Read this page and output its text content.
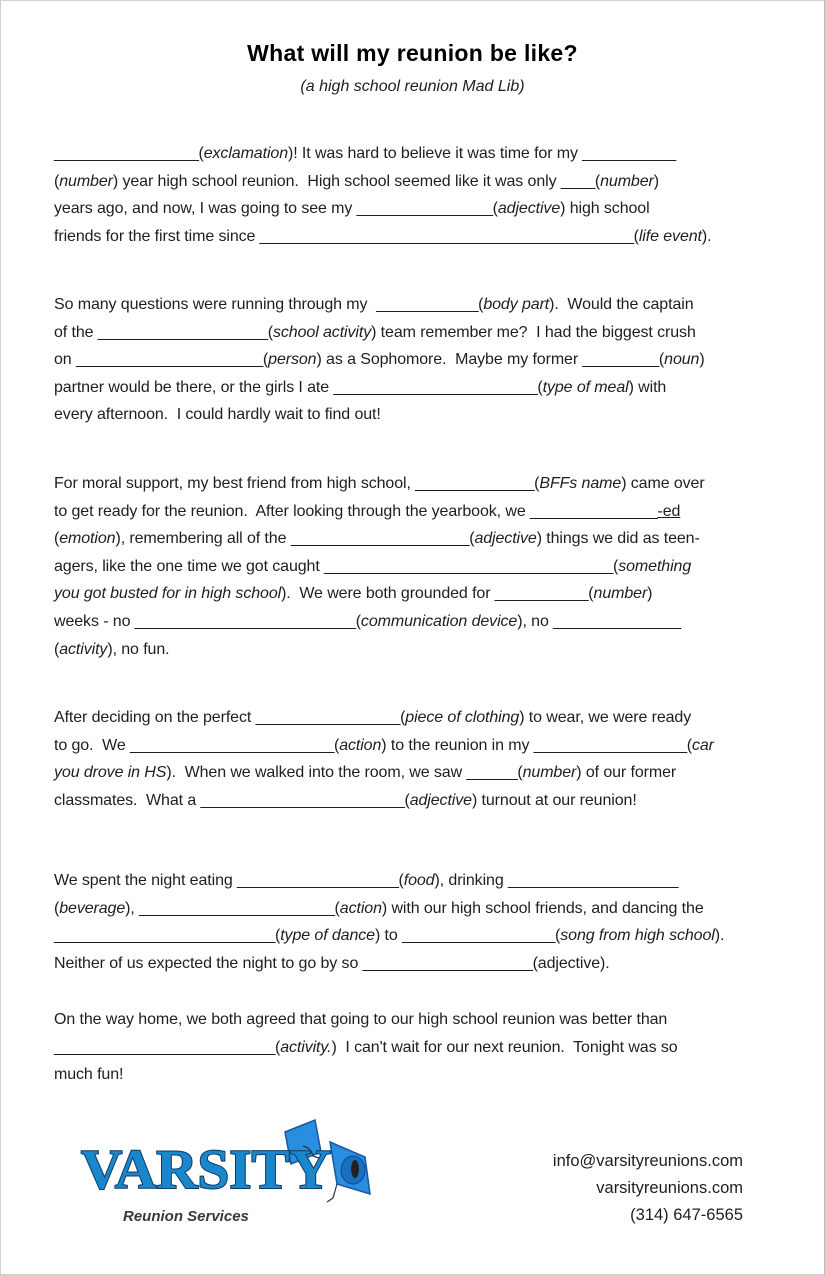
What will my reunion be like?
(a high school reunion Mad Lib)
_________________(exclamation)! It was hard to believe it was time for my ___________
(number) year high school reunion.  High school seemed like it was only ____(number)
years ago, and now, I was going to see my ________________(adjective) high school
friends for the first time since ____________________________________________(life event).
So many questions were running through my  ____________(body part).  Would the captain
of the ____________________(school activity) team remember me?  I had the biggest crush
on ______________________(person) as a Sophomore.  Maybe my former _________(noun)
partner would be there, or the girls I ate ________________________(type of meal) with
every afternoon.  I could hardly wait to find out!
For moral support, my best friend from high school, ______________(BFFs name) came over
to get ready for the reunion.  After looking through the yearbook, we _______________-ed
(emotion), remembering all of the _____________________(adjective) things we did as teen-
agers, like the one time we got caught __________________________________(something
you got busted for in high school).  We were both grounded for ___________(number)
weeks - no __________________________(communication device), no _______________
(activity), no fun.
After deciding on the perfect _________________(piece of clothing) to wear, we were ready
to go.  We ________________________(action) to the reunion in my __________________(car
you drove in HS).  When we walked into the room, we saw ______(number) of our former
classmates.  What a ________________________(adjective) turnout at our reunion!
We spent the night eating ___________________(food), drinking ____________________
(beverage), _______________________(action) with our high school friends, and dancing the
__________________________(type of dance) to __________________(song from high school).
Neither of us expected the night to go by so ____________________(adjective).
On the way home, we both agreed that going to our high school reunion was better than
__________________________(activity.)  I can't wait for our next reunion.  Tonight was so
much fun!
VARSITY
Reunion Services
info@varsityreunions.com
varsityreunions.com
(314) 647-6565
